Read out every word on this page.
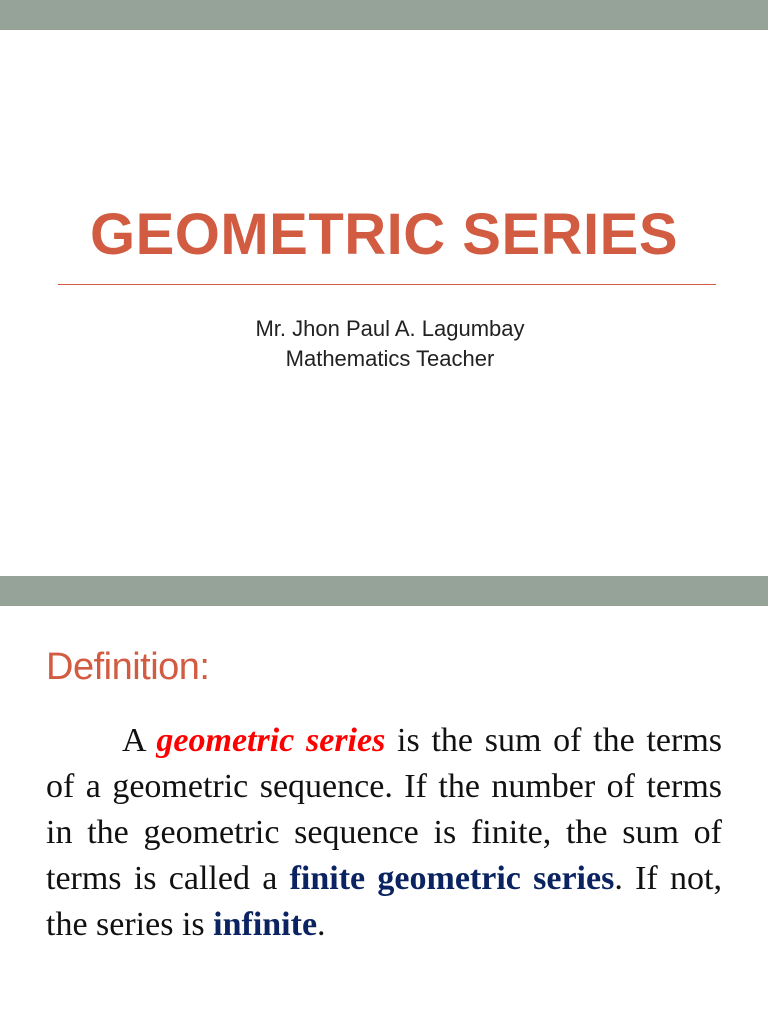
GEOMETRIC SERIES
Mr. Jhon Paul A. Lagumbay
Mathematics Teacher
Definition:
A geometric series is the sum of the terms of a geometric sequence. If the number of terms in the geometric sequence is finite, the sum of terms is called a finite geometric series. If not, the series is infinite.
